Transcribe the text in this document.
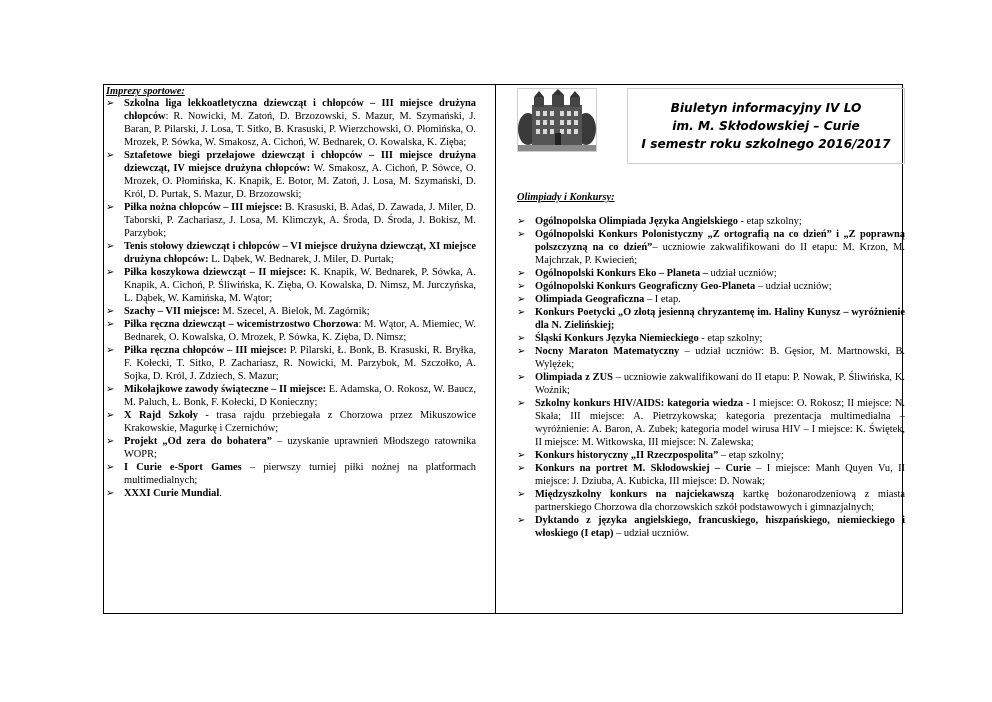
Imprezy sportowe:

➢ Szkolna liga lekkoatletyczna dziewcząt i chłopców – III miejsce drużyna chłopców: R. Nowicki, M. Zatoń, D. Brzozowski, S. Mazur, M. Szymański, J. Baran, P. Pilarski, J. Losa, T. Sitko, B. Krasuski, P. Wierzchowski, O. Płomińska, O. Mrozek, P. Sówka, W. Smakosz, A. Cichoń, W. Bednarek, O. Kowalska, K. Zięba;
➢ Sztafetowe biegi przełajowe dziewcząt i chłopców – III miejsce drużyna dziewcząt, IV miejsce drużyna chłopców: W. Smakosz, A. Cichoń, P. Sówce, O. Mrozek, O. Płomińska, K. Knapik, E. Botor, M. Zatoń, J. Losa, M. Szymański, D. Król, D. Purtak, S. Mazur, D. Brzozowski;
➢ Piłka nożna chłopców – III miejsce: B. Krasuski, B. Adaś, D. Zawada, J. Miler, D. Taborski, P. Zachariasz, J. Losa, M. Klimczyk, A. Środa, D. Środa, J. Bokisz, M. Parzybok;
➢ Tenis stołowy dziewcząt i chłopców – VI miejsce drużyna dziewcząt, XI miejsce drużyna chłopców: L. Dąbek, W. Bednarek, J. Miler, D. Purtak;
➢ Piłka koszykowa dziewcząt – II miejsce: K. Knapik, W. Bednarek, P. Sówka, A. Knapik, A. Cichoń, P. Śliwińska, K. Zięba, O. Kowalska, D. Nimsz, M. Jurczyńska, L. Dąbek, W. Kamińska, M. Wątor;
➢ Szachy – VII miejsce: M. Szecel, A. Bielok, M. Zagórnik;
➢ Piłka ręczna dziewcząt – wicemistrzostwo Chorzowa: M. Wątor, A. Miemiec, W. Bednarek, O. Kowalska, O. Mrozek, P. Sówka, K. Zięba, D. Nimsz;
➢ Piłka ręczna chłopców – III miejsce: P. Pilarski, Ł. Bonk, B. Krasuski, R. Bryłka, F. Kołecki, T. Sitko, P. Zachariasz, R. Nowicki, M. Parzybok, M. Szczołko, A. Sojka, D. Król, J. Zdziech, S. Mazur;
➢ Mikołajkowe zawody świąteczne – II miejsce: E. Adamska, O. Rokosz, W. Baucz, M. Paluch, Ł. Bonk, F. Kołecki, D Konieczny;
➢ X Rajd Szkoły - trasa rajdu przebiegała z Chorzowa przez Mikuszowice Krakowskie, Magurkę i Czernichów;
➢ Projekt „Od zera do bohatera” – uzyskanie uprawnień Młodszego ratownika WOPR;
➢ I Curie e-Sport Games – pierwszy turniej piłki nożnej na platformach multimedialnych;
➢ XXXI Curie Mundial.
Biuletyn informacyjny IV LO
im. M. Skłodowskiej – Curie
I semestr roku szkolnego 2016/2017

Olimpiady i Konkursy:

➢ Ogólnopolska Olimpiada Języka Angielskiego - etap szkolny;
➢ Ogólnopolski Konkurs Polonistyczny „Z ortografią na co dzień” i „Z poprawną polszczyzną na co dzień”– uczniowie zakwalifikowani do II etapu: M. Krzon, M. Majchrzak, P. Kwiecień;
➢ Ogólnopolski Konkurs Eko – Planeta – udział uczniów;
➢ Ogólnopolski Konkurs Geograficzny Geo-Planeta – udział uczniów;
➢ Olimpiada Geograficzna – I etap.
➢ Konkurs Poetycki „O złotą jesienną chryzantemę im. Haliny Kunysz – wyróżnienie dla N. Zielińskiej;
➢ Śląski Konkurs Języka Niemieckiego - etap szkolny;
➢ Nocny Maraton Matematyczny – udział uczniów: B. Gęsior, M. Martnowski, B. Wylężek;
➢ Olimpiada z ZUS – uczniowie zakwalifikowani do II etapu: P. Nowak, P. Śliwińska, K. Woźnik;
➢ Szkolny konkurs HIV/AIDS: kategoria wiedza - I miejsce: O. Rokosz; II miejsce: N. Skała; III miejsce: A. Pietrzykowska; kategoria prezentacja multimedialna – wyróżnienie: A. Baron, A. Zubek; kategoria model wirusa HIV – I miejsce: K. Świętek, II miejsce: M. Witkowska, III miejsce: N. Zalewska;
➢ Konkurs historyczny „II Rzeczpospolita” – etap szkolny;
➢ Konkurs na portret M. Skłodowskiej – Curie – I miejsce: Manh Quyen Vu, II miejsce: J. Dziuba, A. Kubicka, III miejsce: D. Nowak;
➢ Międzyszkolny konkurs na najciekawszą kartkę bożonarodzeniową z miasta partnerskiego Chorzowa dla chorzowskich szkół podstawowych i gimnazjalnych;
➢ Dyktando z języka angielskiego, francuskiego, hiszpańskiego, niemieckiego i włoskiego (I etap) – udział uczniów.
